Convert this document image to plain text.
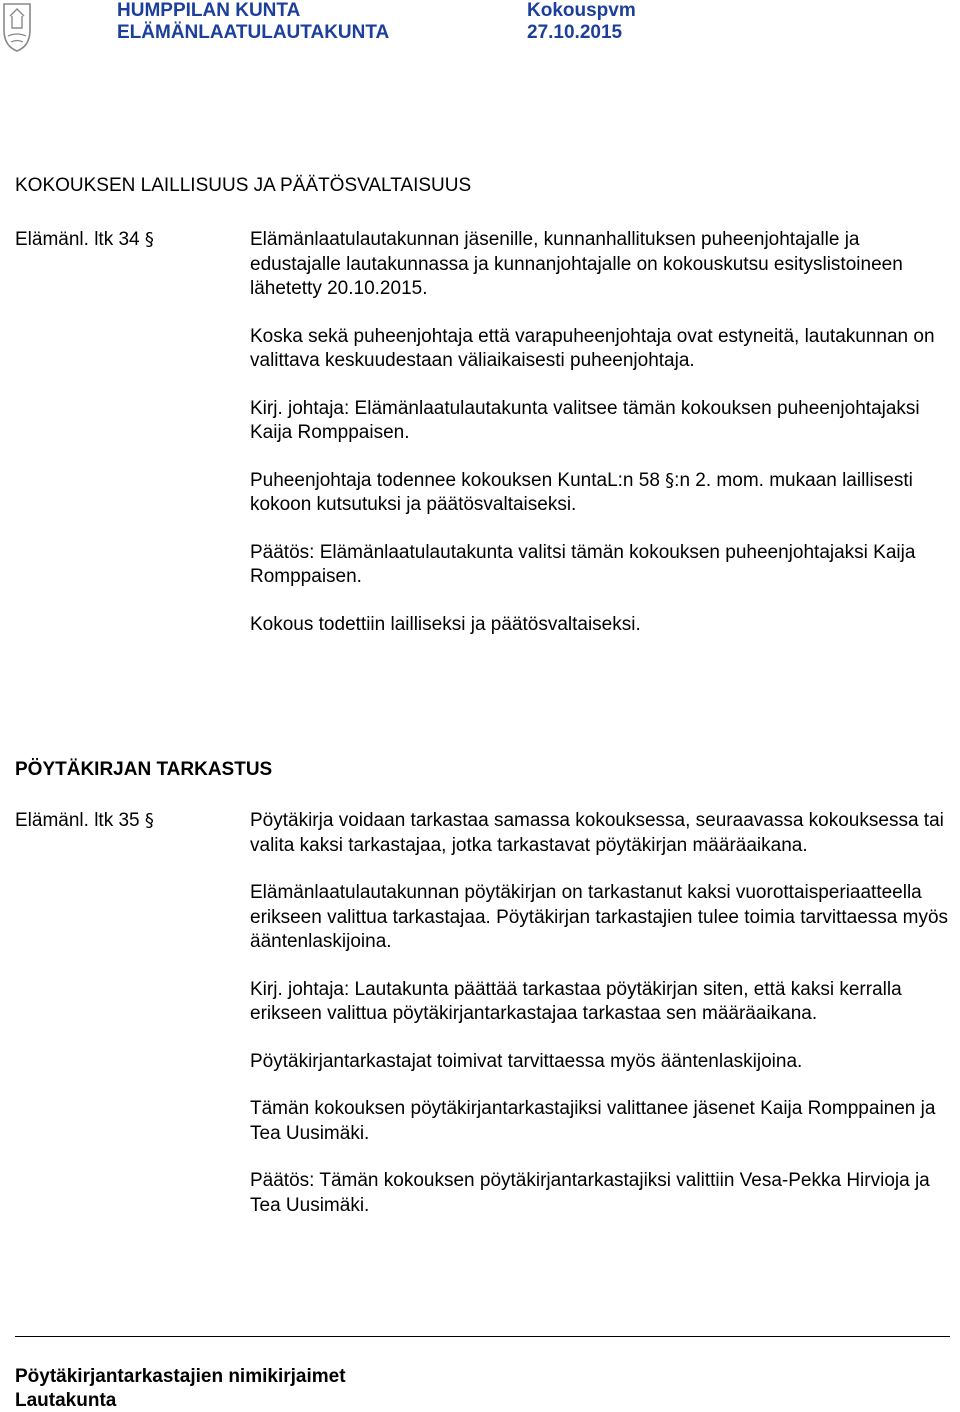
HUMPPILAN KUNTA
ELÄMÄNLAATULAUTAKUNTA
Kokouspvm
27.10.2015
KOKOUKSEN LAILLISUUS JA PÄÄTÖSVALTAISUUS
Elämänl. ltk 34 §	Elämänlaatulautakunnan jäsenille, kunnanhallituksen puheenjohtajalle ja edustajalle lautakunnassa ja kunnanjohtajalle on kokouskutsu esityslistoineen lähetetty 20.10.2015.

Koska sekä puheenjohtaja että varapuheenjohtaja ovat estyneitä, lautakunnan on valittava keskuudestaan väliaikaisesti puheenjohtaja.

Kirj. johtaja: Elämänlaatulautakunta valitsee tämän kokouksen puheenjohtajaksi Kaija Romppaisen.

Puheenjohtaja todennee kokouksen KuntaL:n 58 §:n 2. mom. mukaan laillisesti kokoon kutsutuksi ja päätösvaltaiseksi.

Päätös: Elämänlaatulautakunta valitsi tämän kokouksen puheenjohtajaksi Kaija Romppaisen.

Kokous todettiin lailliseksi ja päätösvaltaiseksi.

PÖYTÄKIRJAN TARKASTUS
Elämänl. ltk 35 §	Pöytäkirja voidaan tarkastaa samassa kokouksessa, seuraavassa kokouksessa tai valita kaksi tarkastajaa, jotka tarkastavat pöytäkirjan määräaikana.

Elämänlaatulautakunnan pöytäkirjan on tarkastanut kaksi vuorottaisperiaatteella erikseen valittua tarkastajaa. Pöytäkirjan tarkastajien tulee toimia tarvittaessa myös ääntenlaskijoina.

Kirj. johtaja: Lautakunta päättää tarkastaa pöytäkirjan siten, että kaksi kerralla erikseen valittua pöytäkirjantarkastajaa tarkastaa sen määräaikana.

Pöytäkirjantarkastajat toimivat tarvittaessa myös ääntenlaskijoina.

Tämän kokouksen pöytäkirjantarkastajiksi valittanee jäsenet Kaija Romppainen ja Tea Uusimäki.

Päätös: Tämän kokouksen pöytäkirjantarkastajiksi valittiin Vesa-Pekka Hirvioja ja Tea Uusimäki.

Pöytäkirjantarkastajien nimikirjaimet
Lautakunta
